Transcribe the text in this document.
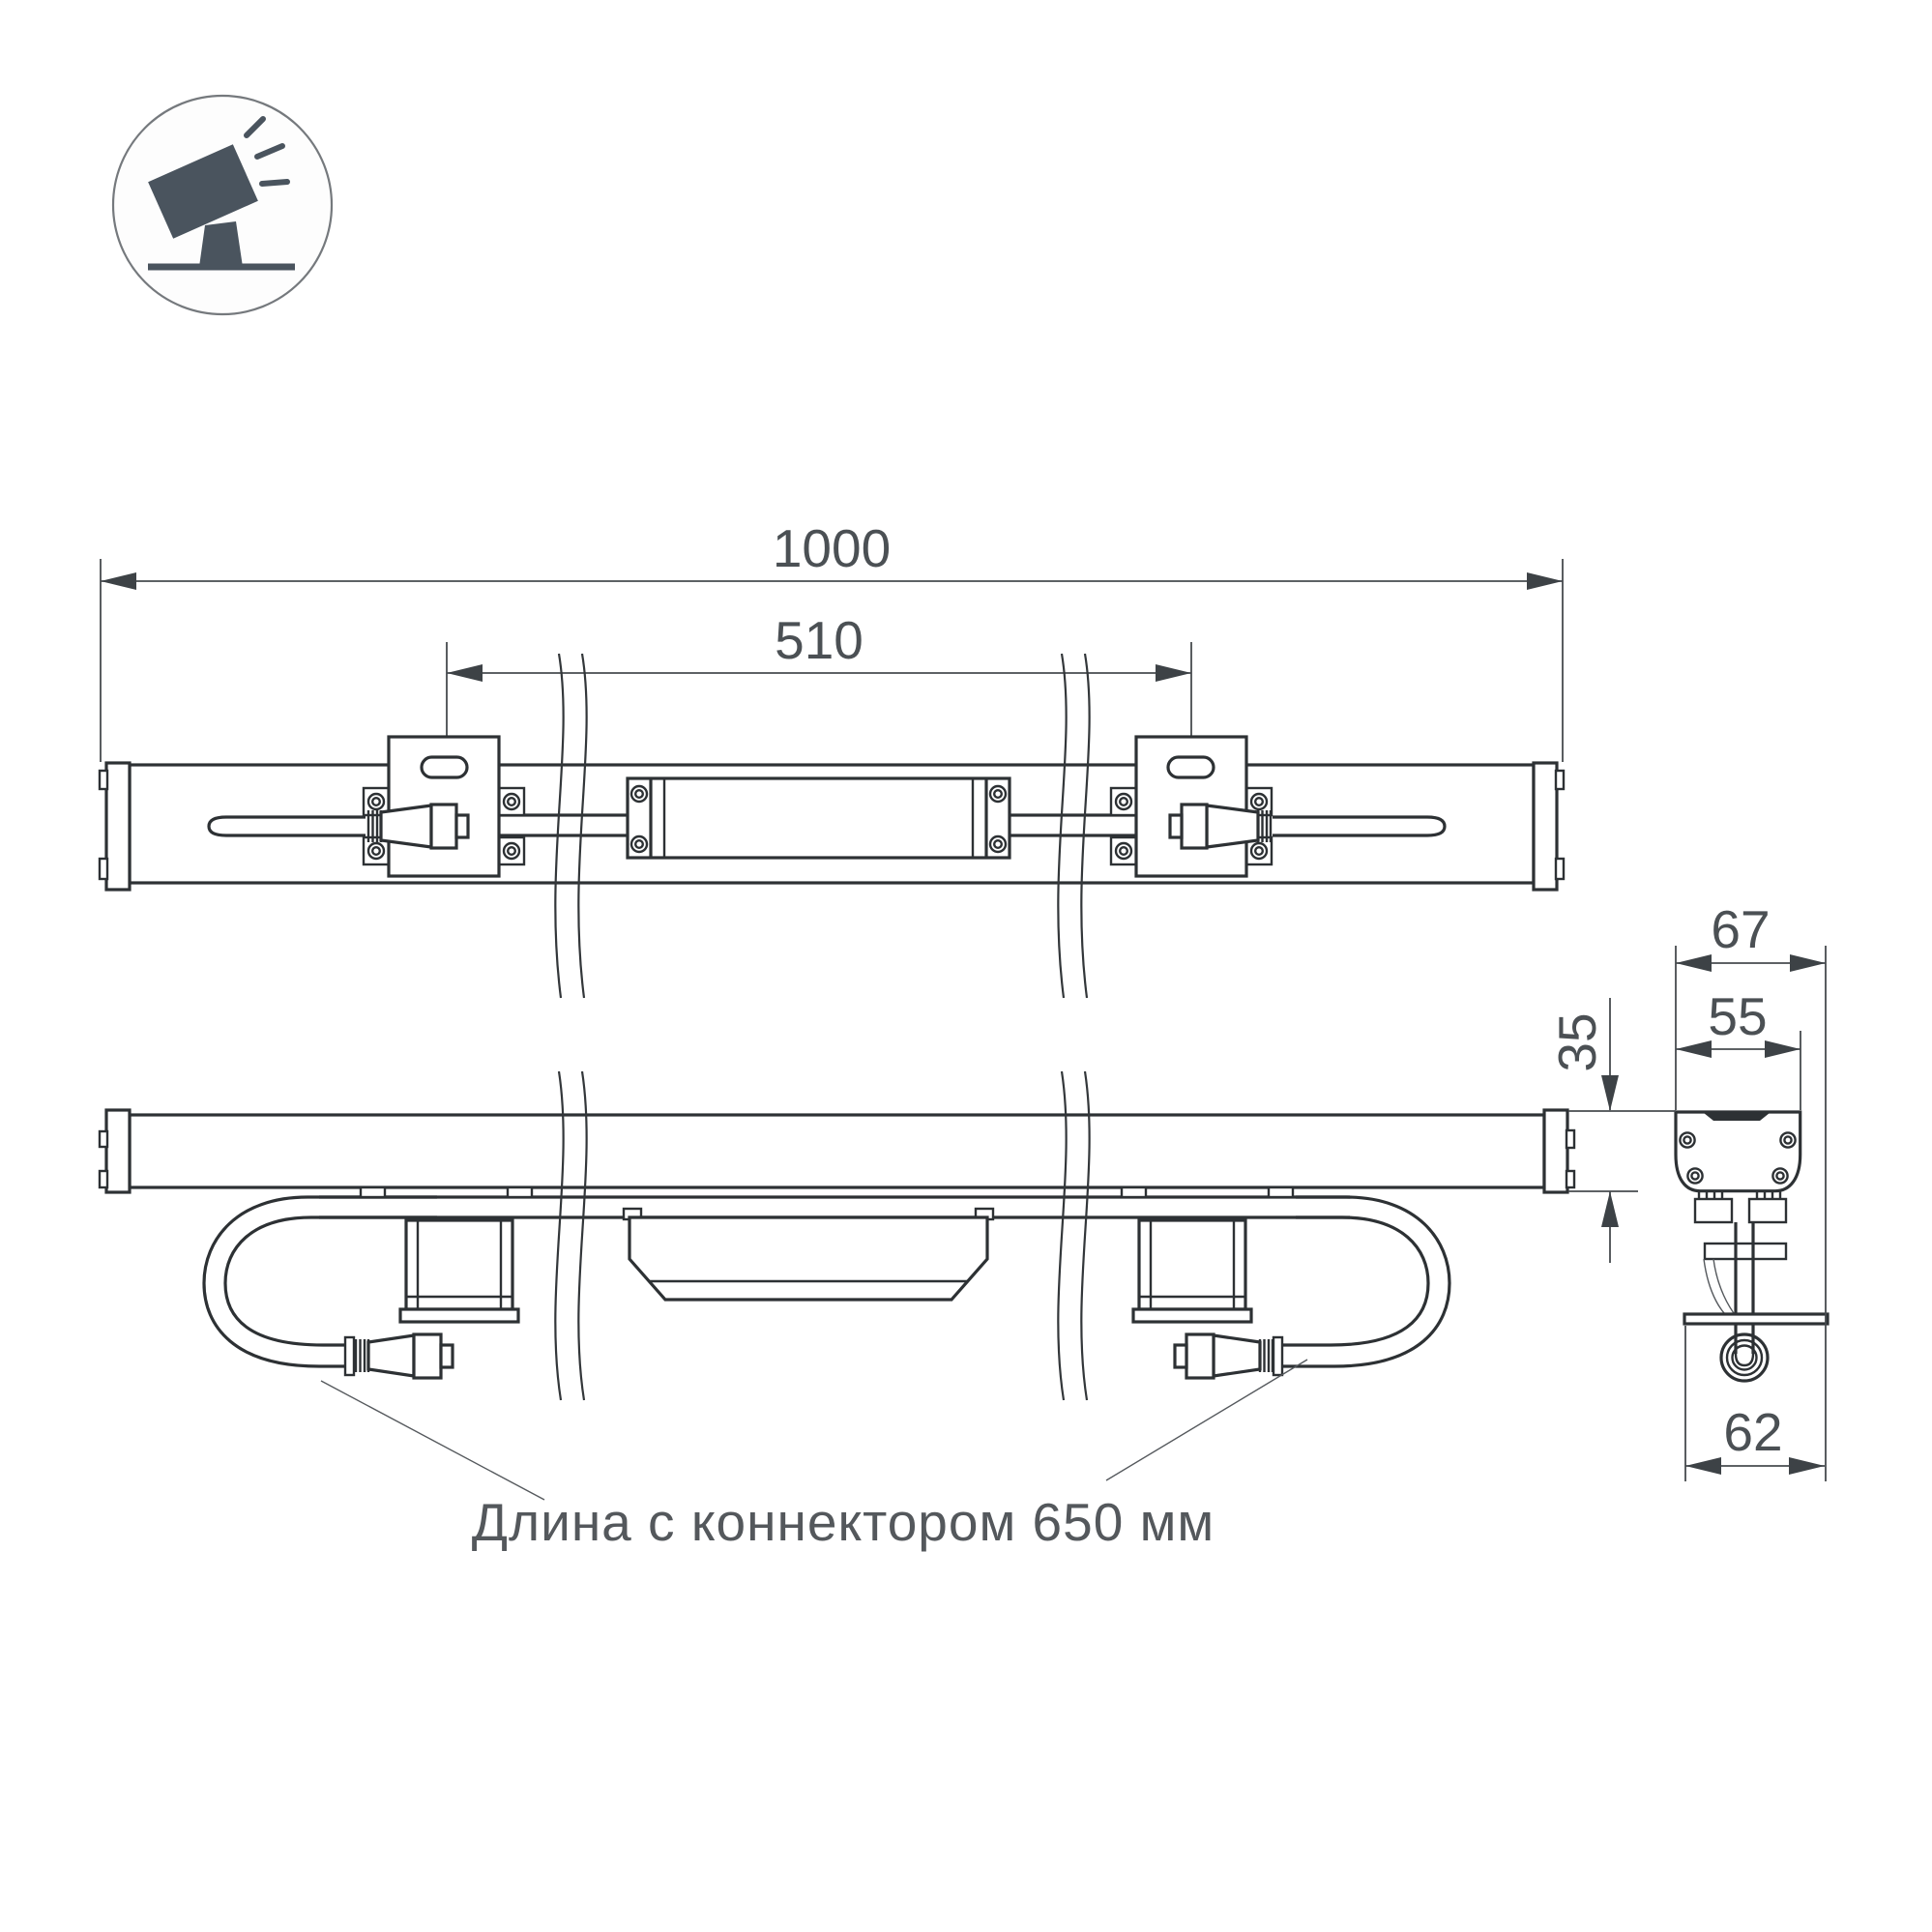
1000
510
67
55
35
62
Длина с коннектором 650 мм
